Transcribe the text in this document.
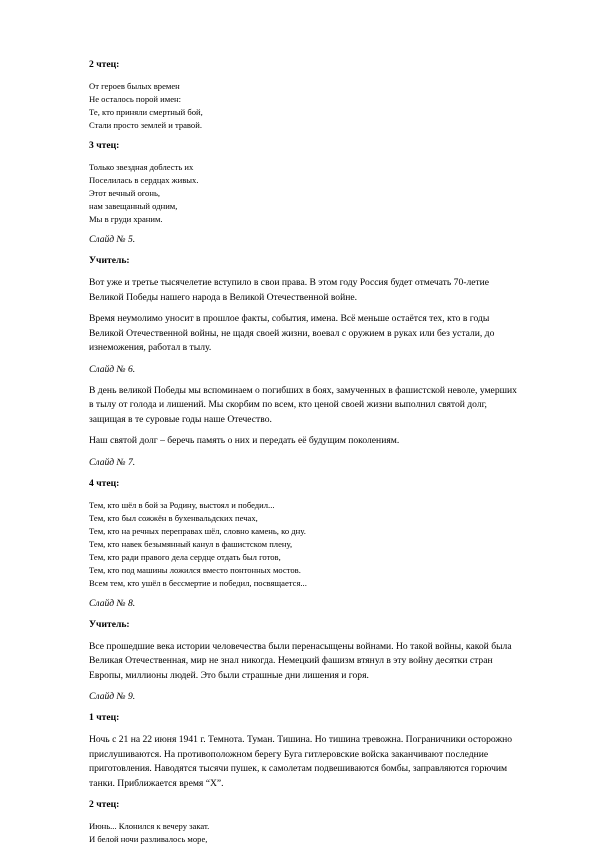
2 чтец:
От героев былых времен
Не осталось порой имен:
Те, кто приняли смертный бой,
Стали просто землей и травой.
3 чтец:
Только звездная доблесть их
Поселилась в сердцах живых.
Этот вечный огонь,
нам завещанный одним,
Мы в груди храним.
Слайд № 5.
Учитель:
Вот уже и третье тысячелетие вступило в свои права. В этом году Россия будет отмечать 70-летие Великой Победы нашего народа в Великой Отечественной войне.
Время неумолимо уносит в прошлое факты, события, имена. Всё меньше остаётся тех, кто в годы Великой Отечественной войны, не щадя своей жизни, воевал с оружием в руках или без устали, до изнеможения, работал в тылу.
Слайд № 6.
В день великой Победы мы вспоминаем о погибших в боях, замученных в фашистской неволе, умерших в тылу от голода и лишений. Мы скорбим по всем, кто ценой своей жизни выполнил святой долг, защищая в те суровые годы наше Отечество.
Наш святой долг – беречь память о них и передать её будущим поколениям.
Слайд № 7.
4 чтец:
Тем, кто шёл в бой за Родину, выстоял и победил...
Тем, кто был сожжён в бухенвальдских печах,
Тем, кто на речных переправах шёл, словно камень, ко дну.
Тем, кто навек безымянный канул в фашистском плену,
Тем, кто ради правого дела сердце отдать был готов,
Тем, кто под машины ложился вместо понтонных мостов.
Всем тем, кто ушёл в бессмертие и победил, посвящается...
Слайд № 8.
Учитель:
Все прошедшие века истории человечества были перенасыщены войнами. Но такой войны, какой была Великая Отечественная, мир не знал никогда. Немецкий фашизм втянул в эту войну десятки стран Европы, миллионы людей. Это были страшные дни лишения и горя.
Слайд № 9.
1 чтец:
Ночь с 21 на 22 июня 1941 г. Темнота. Туман. Тишина. Но тишина тревожна. Пограничники осторожно прислушиваются. На противоположном берегу Буга гитлеровские войска заканчивают последние приготовления. Наводятся тысячи пушек, к самолетам подвешиваются бомбы, заправляются горючим танки. Приближается время “Х”.
2 чтец:
Июнь... Клонился к вечеру закат.
И белой ночи разливалось море,
